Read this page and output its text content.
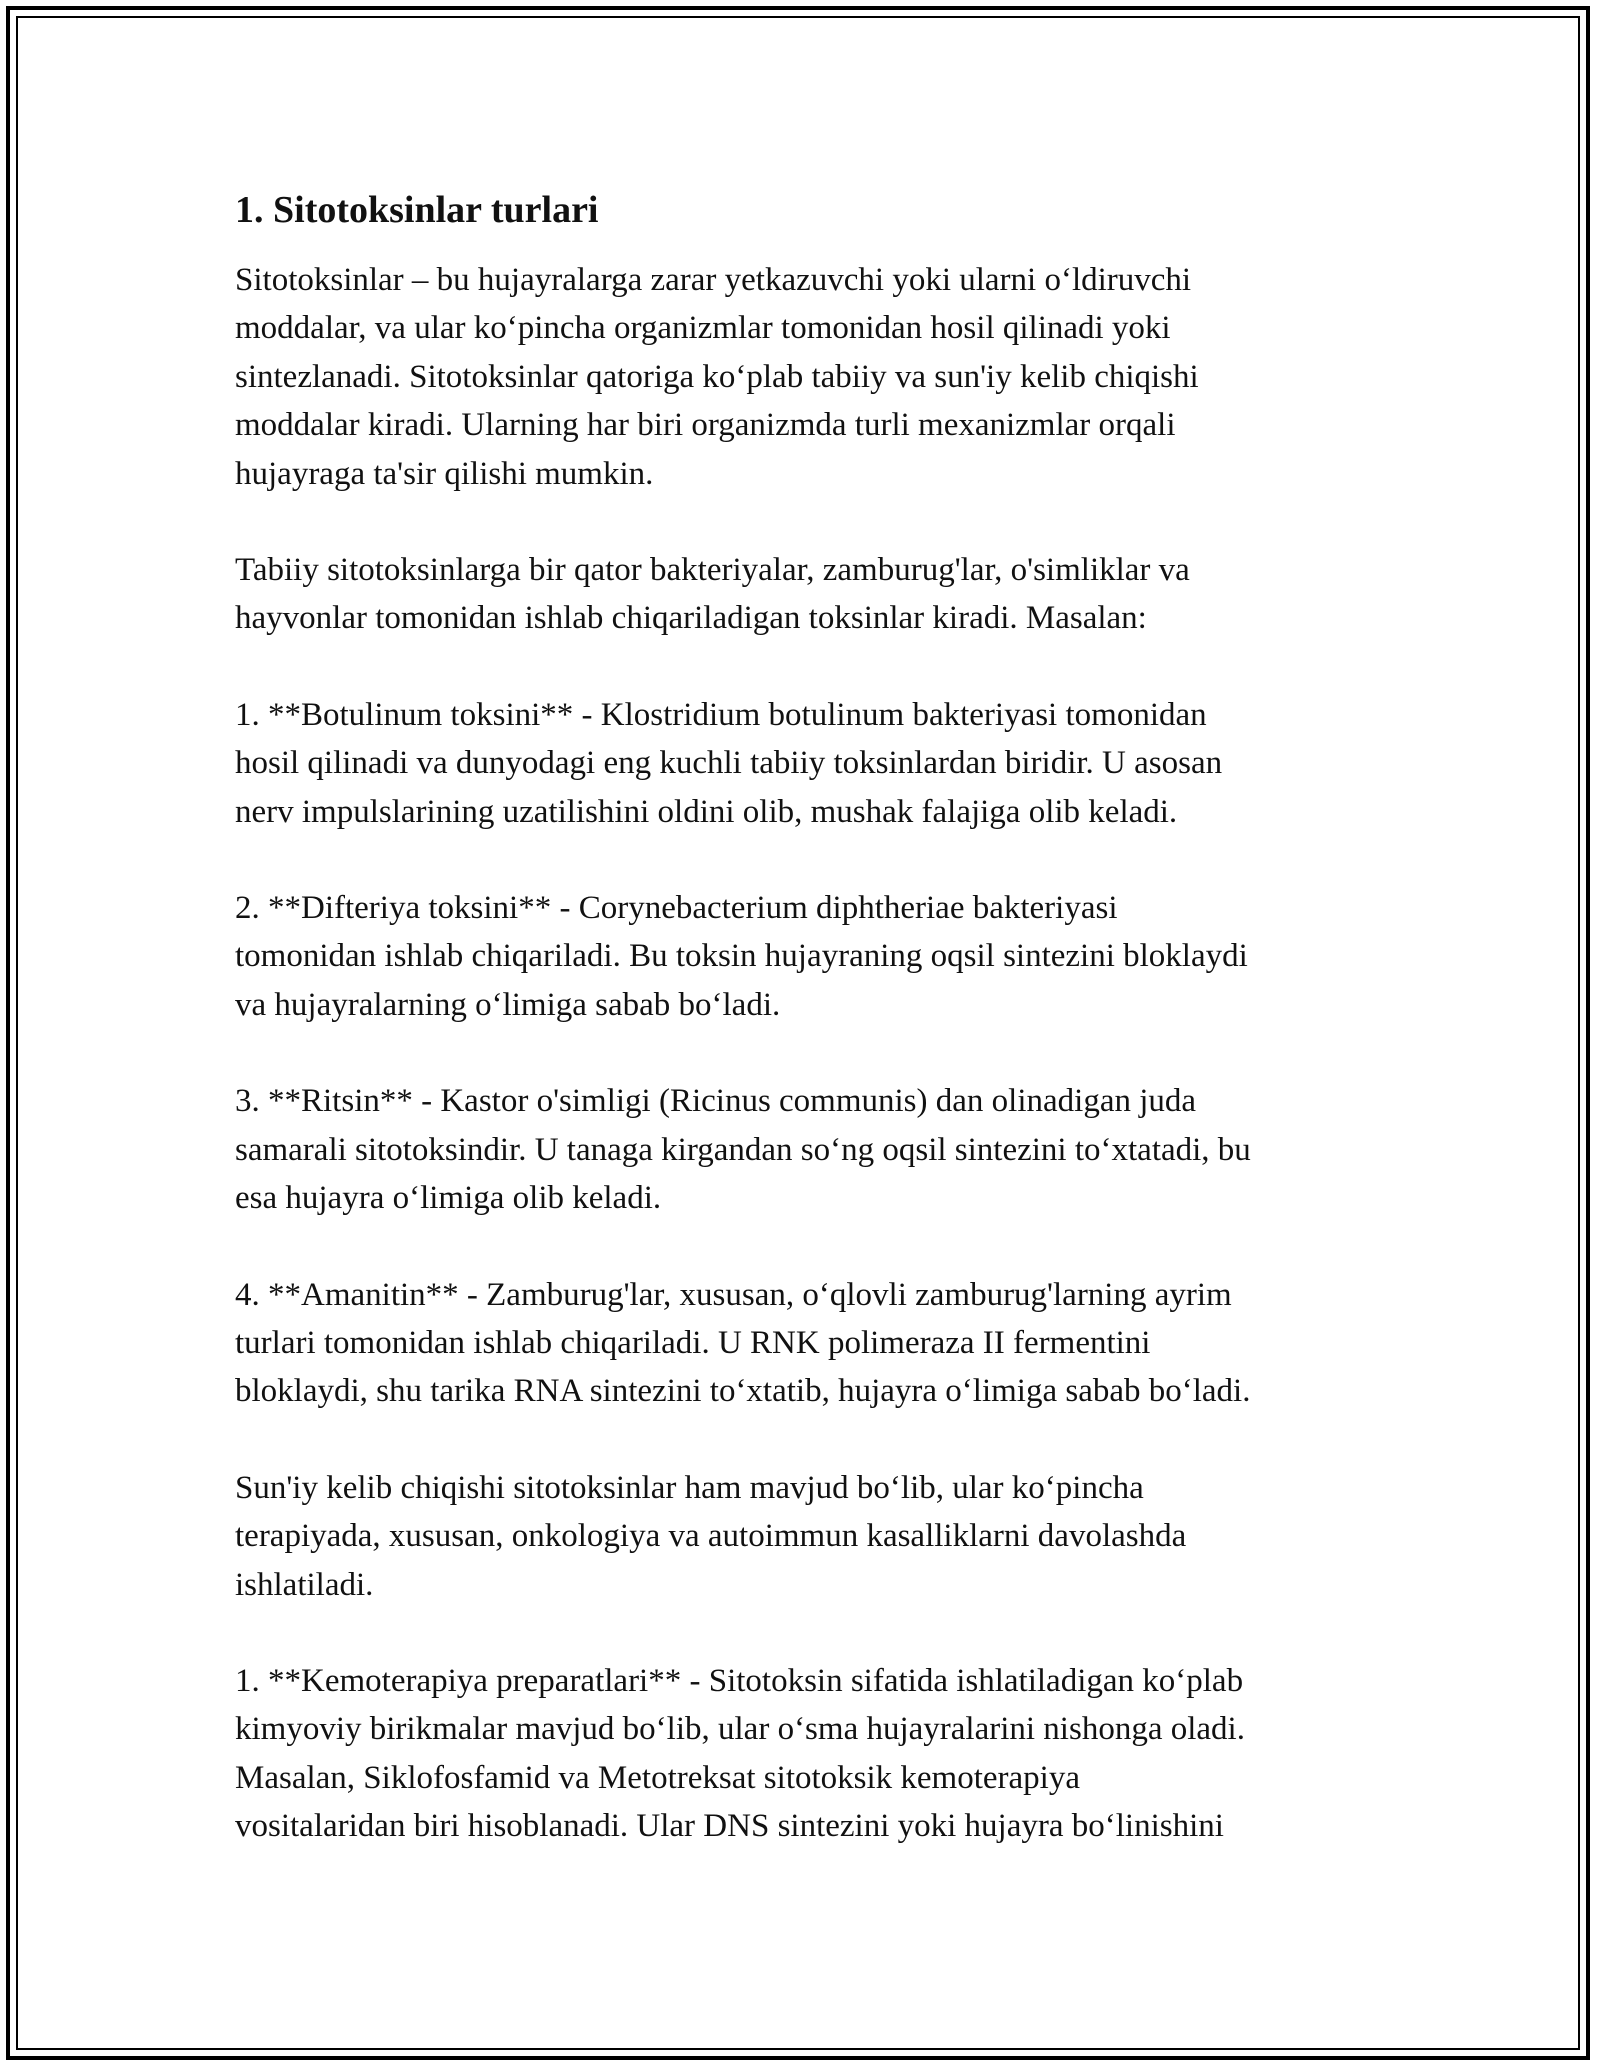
1. Sitotoksinlar turlari

Sitotoksinlar – bu hujayralarga zarar yetkazuvchi yoki ularni o‘ldiruvchi
moddalar, va ular ko‘pincha organizmlar tomonidan hosil qilinadi yoki
sintezlanadi. Sitotoksinlar qatoriga ko‘plab tabiiy va sun'iy kelib chiqishi
moddalar kiradi. Ularning har biri organizmda turli mexanizmlar orqali
hujayraga ta'sir qilishi mumkin.

Tabiiy sitotoksinlarga bir qator bakteriyalar, zamburug'lar, o'simliklar va
hayvonlar tomonidan ishlab chiqariladigan toksinlar kiradi. Masalan:

1. **Botulinum toksini** - Klostridium botulinum bakteriyasi tomonidan
hosil qilinadi va dunyodagi eng kuchli tabiiy toksinlardan biridir. U asosan
nerv impulslarining uzatilishini oldini olib, mushak falajiga olib keladi.

2. **Difteriya toksini** - Corynebacterium diphtheriae bakteriyasi
tomonidan ishlab chiqariladi. Bu toksin hujayraning oqsil sintezini bloklaydi
va hujayralarning o‘limiga sabab bo‘ladi.

3. **Ritsin** - Kastor o'simligi (Ricinus communis) dan olinadigan juda
samarali sitotoksindir. U tanaga kirgandan so‘ng oqsil sintezini to‘xtatadi, bu
esa hujayra o‘limiga olib keladi.

4. **Amanitin** - Zamburug'lar, xususan, o‘qlovli zamburug'larning ayrim
turlari tomonidan ishlab chiqariladi. U RNK polimeraza II fermentini
bloklaydi, shu tarika RNA sintezini to‘xtatib, hujayra o‘limiga sabab bo‘ladi.

Sun'iy kelib chiqishi sitotoksinlar ham mavjud bo‘lib, ular ko‘pincha
terapiyada, xususan, onkologiya va autoimmun kasalliklarni davolashda
ishlatiladi.

1. **Kemoterapiya preparatlari** - Sitotoksin sifatida ishlatiladigan ko‘plab
kimyoviy birikmalar mavjud bo‘lib, ular o‘sma hujayralarini nishonga oladi.
Masalan, Siklofosfamid va Metotreksat sitotoksik kemoterapiya
vositalaridan biri hisoblanadi. Ular DNS sintezini yoki hujayra bo‘linishini
